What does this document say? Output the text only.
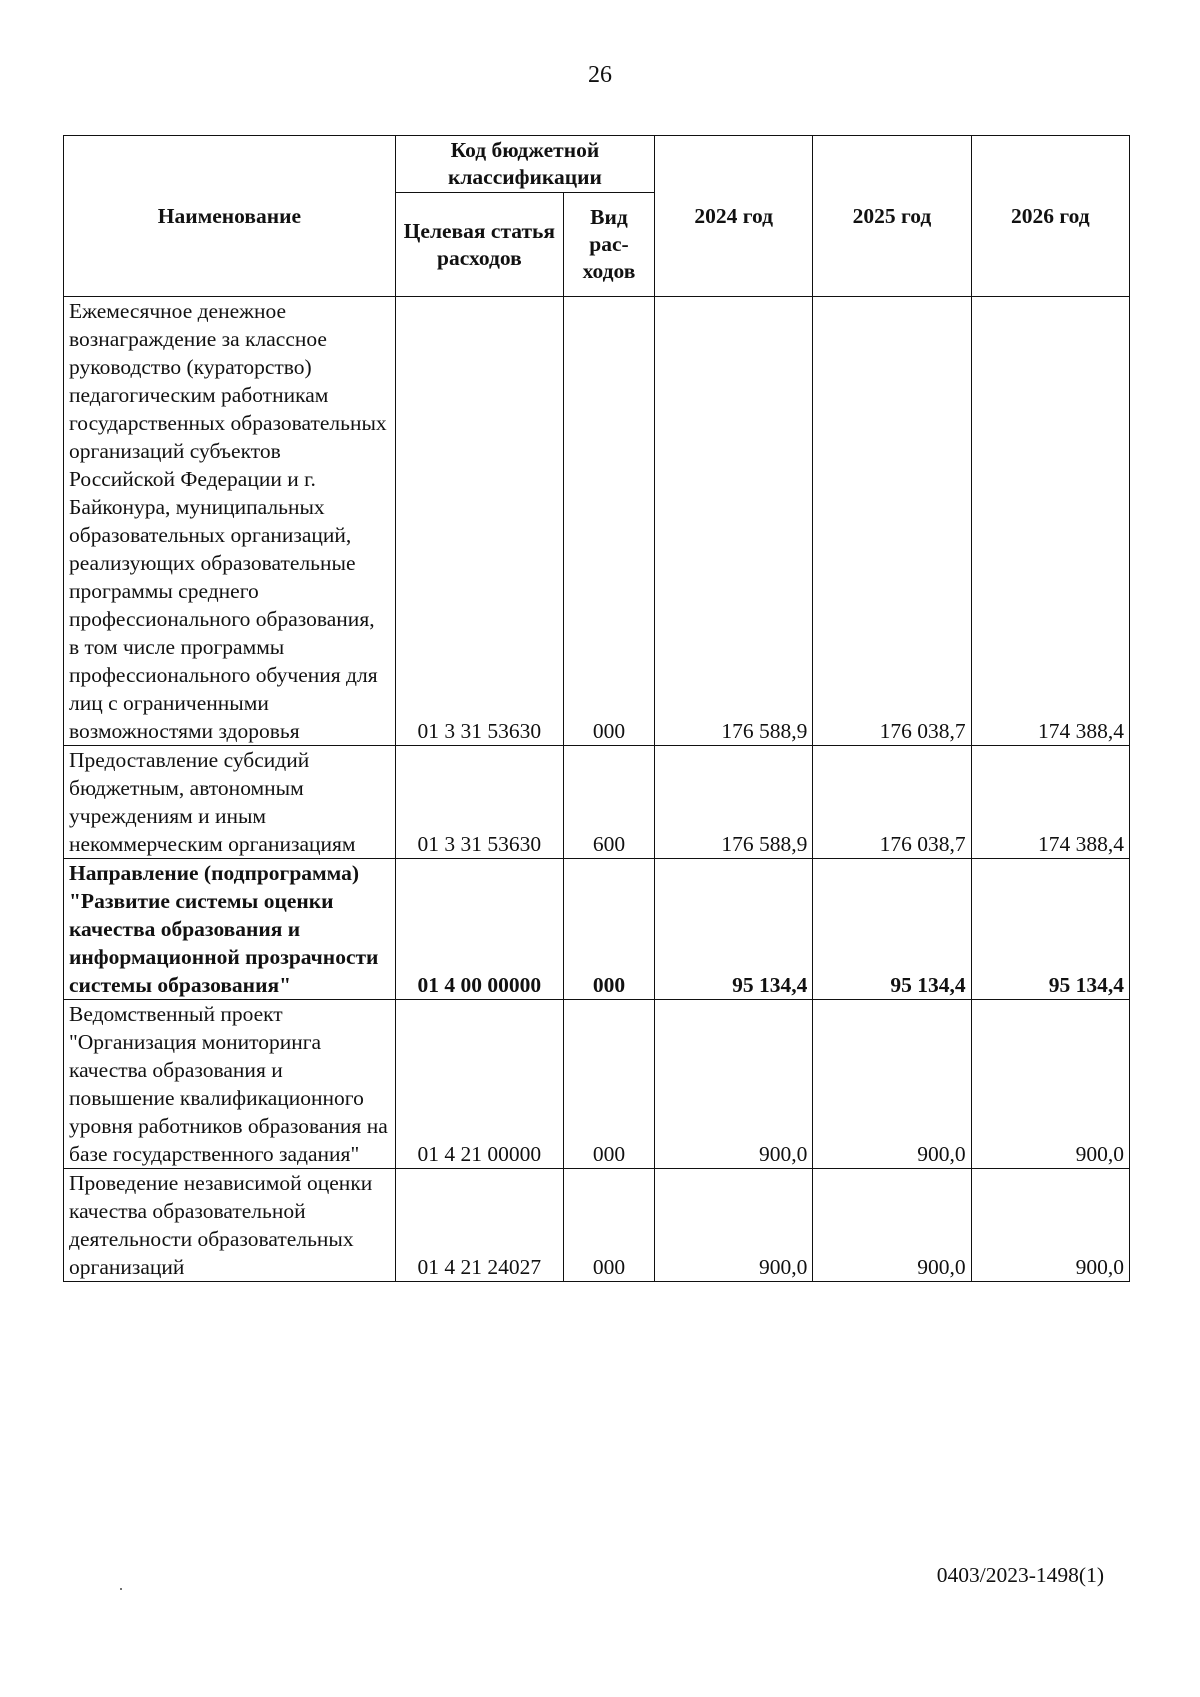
26
Наименование	Код бюджетной классификации		2024 год	2025 год	2026 год
	Целевая статья расходов	Вид рас-ходов			
Ежемесячное денежное вознаграждение за классное руководство (кураторство) педагогическим работникам государственных образовательных организаций субъектов Российской Федерации и г. Байконура, муниципальных образовательных организаций, реализующих образовательные программы среднего профессионального образования, в том числе программы профессионального обучения для лиц с ограниченными возможностями здоровья	01 3 31 53630	000	176 588,9	176 038,7	174 388,4
Предоставление субсидий бюджетным, автономным учреждениям и иным некоммерческим организациям	01 3 31 53630	600	176 588,9	176 038,7	174 388,4
Направление (подпрограмма) "Развитие системы оценки качества образования и информационной прозрачности системы образования"	01 4 00 00000	000	95 134,4	95 134,4	95 134,4
Ведомственный проект "Организация мониторинга качества образования и повышение квалификационного уровня работников образования на базе государственного задания"	01 4 21 00000	000	900,0	900,0	900,0
Проведение независимой оценки качества образовательной деятельности образовательных организаций	01 4 21 24027	000	900,0	900,0	900,0
0403/2023-1498(1)
